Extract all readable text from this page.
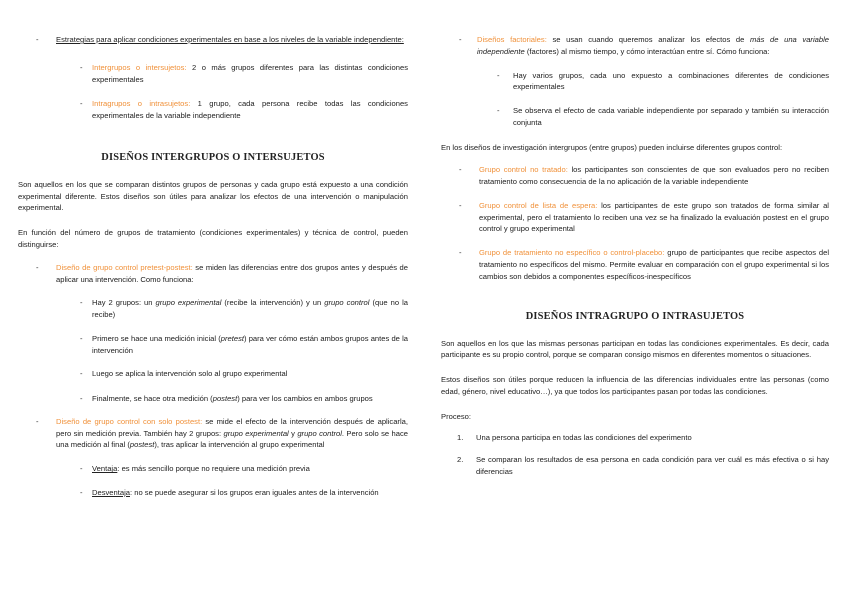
-	Estrategias para aplicar condiciones experimentales en base a los niveles de la variable independiente:

-	Intergrupos o intersujetos: 2 o más grupos diferentes para las distintas condiciones experimentales

-	Intragrupos o intrasujetos: 1 grupo, cada persona recibe todas las condiciones experimentales de la variable independiente

DISEÑOS INTERGRUPOS O INTERSUJETOS

Son aquellos en los que se comparan distintos grupos de personas y cada grupo está expuesto a una condición experimental diferente. Estos diseños son útiles para analizar los efectos de una intervención o manipulación experimental.

En función del número de grupos de tratamiento (condiciones experimentales) y técnica de control, pueden distinguirse:

-	Diseño de grupo control pretest-postest: se miden las diferencias entre dos grupos antes y después de aplicar una intervención. Como funciona:

-	Hay 2 grupos: un grupo experimental (recibe la intervención) y un grupo control (que no la recibe)

-	Primero se hace una medición inicial (pretest) para ver cómo están ambos grupos antes de la intervención

-	Luego se aplica la intervención solo al grupo experimental

-	Finalmente, se hace otra medición (postest) para ver los cambios en ambos grupos

-	Diseño de grupo control con solo postest: se mide el efecto de la intervención después de aplicarla, pero sin medición previa. También hay 2 grupos: grupo experimental y grupo control. Pero solo se hace una medición al final (postest), tras aplicar la intervención al grupo experimental

-	Ventaja: es más sencillo porque no requiere una medición previa

-	Desventaja: no se puede asegurar si los grupos eran iguales antes de la intervención

-	Diseños factoriales: se usan cuando queremos analizar los efectos de más de una variable independiente (factores) al mismo tiempo, y cómo interactúan entre sí. Cómo funciona:

-	Hay varios grupos, cada uno expuesto a combinaciones diferentes de condiciones experimentales

-	Se observa el efecto de cada variable independiente por separado y también su interacción conjunta

En los diseños de investigación intergrupos (entre grupos) pueden incluirse diferentes grupos control:

-	Grupo control no tratado: los participantes son conscientes de que son evaluados pero no reciben tratamiento como consecuencia de la no aplicación de la variable independiente

-	Grupo control de lista de espera: los participantes de este grupo son tratados de forma similar al experimental, pero el tratamiento lo reciben una vez se ha finalizado la evaluación postest en el grupo control y grupo experimental

-	Grupo de tratamiento no específico o control-placebo: grupo de participantes que recibe aspectos del tratamiento no específicos del mismo. Permite evaluar en comparación con el grupo experimental si los cambios son debidos a componentes específicos-inespecíficos

DISEÑOS INTRAGRUPO O INTRASUJETOS

Son aquellos en los que las mismas personas participan en todas las condiciones experimentales. Es decir, cada participante es su propio control, porque se comparan consigo mismos en diferentes momentos o situaciones.

Estos diseños son útiles porque reducen la influencia de las diferencias individuales entre las personas (como edad, género, nivel educativo…), ya que todos los participantes pasan por todas las condiciones.

Proceso:

1.	Una persona participa en todas las condiciones del experimento

2.	Se comparan los resultados de esa persona en cada condición para ver cuál es más efectiva o si hay diferencias
